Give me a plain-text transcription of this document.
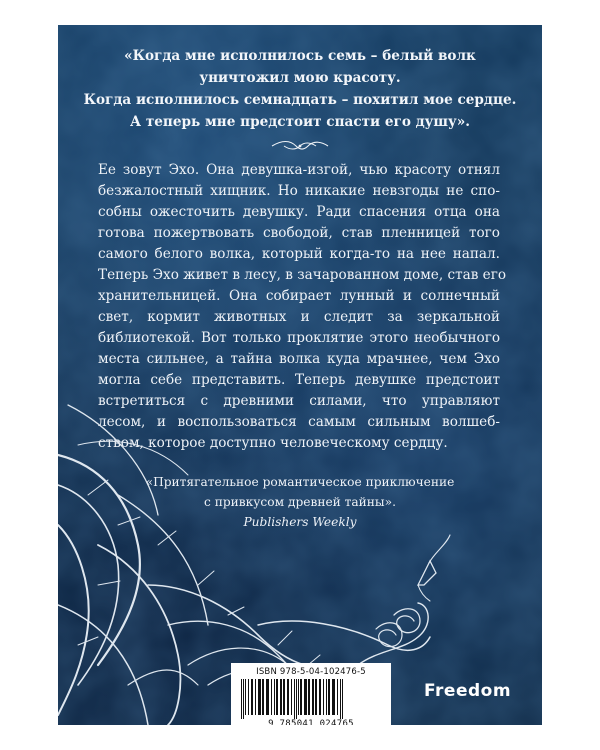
«Когда мне исполнилось семь – белый волк
уничтожил мою красоту.
Когда исполнилось семнадцать – похитил мое сердце.
А теперь мне предстоит спасти его душу».
Ее зовут Эхо. Она девушка-изгой, чью красоту отнял
безжалостный хищник. Но никакие невзгоды не спо-
собны ожесточить девушку. Ради спасения отца она
готова пожертвовать свободой, став пленницей того
самого белого волка, который когда-то на нее напал.
Теперь Эхо живет в лесу, в зачарованном доме, став его
хранительницей. Она собирает лунный и солнечный
свет, кормит животных и следит за зеркальной
библиотекой. Вот только проклятие этого необычного
места сильнее, а тайна волка куда мрачнее, чем Эхо
могла себе представить. Теперь девушке предстоит
встретиться с древними силами, что управляют
лесом, и воспользоваться самым сильным волшеб-
ством, которое доступно человеческому сердцу.
«Притягательное романтическое приключение
с привкусом древней тайны».
Publishers Weekly
ISBN 978-5-04-102476-5
9 785041 024765
Freedom
